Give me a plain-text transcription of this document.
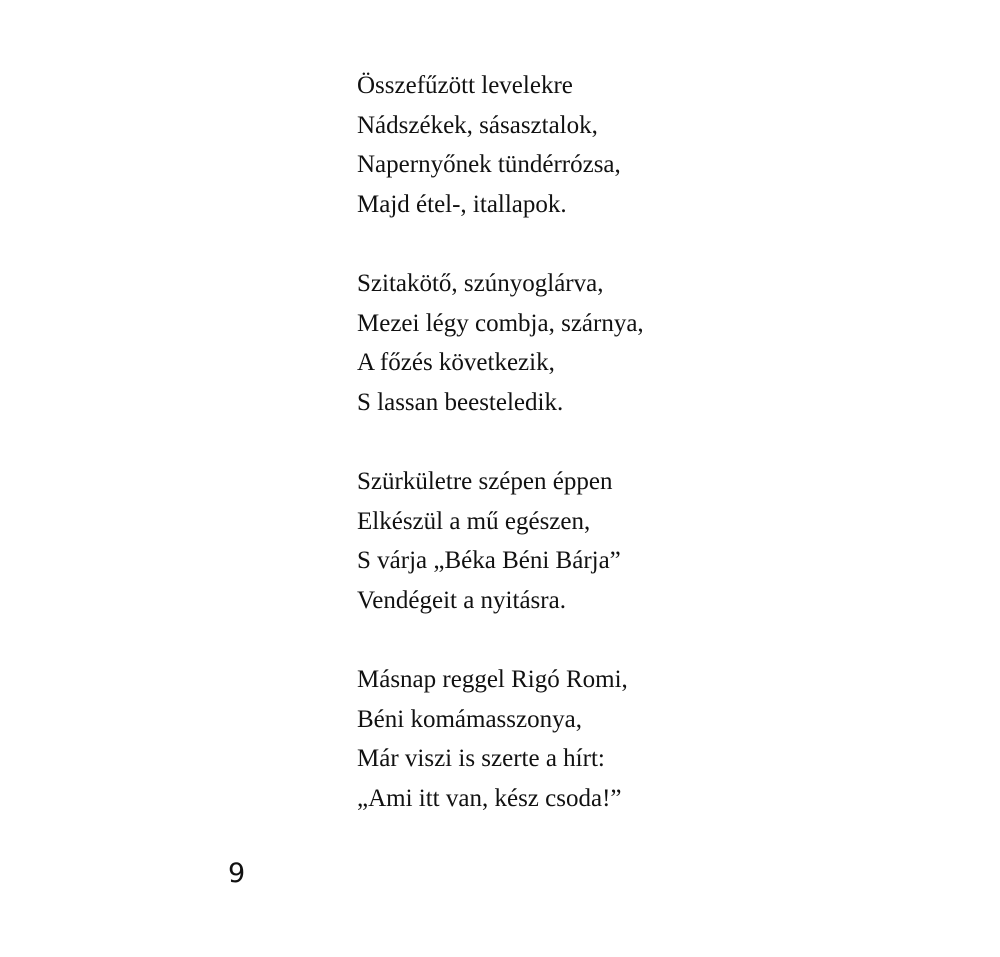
Összefűzött levelekre
Nádszékek, sásasztalok,
Napernyőnek tündérrózsa,
Majd étel-, itallapok.
Szitakötő, szúnyoglárva,
Mezei légy combja, szárnya,
A főzés következik,
S lassan beesteledik.
Szürkületre szépen éppen
Elkészül a mű egészen,
S várja „Béka Béni Bárja”
Vendégeit a nyitásra.
Másnap reggel Rigó Romi,
Béni komámasszonya,
Már viszi is szerte a hírt:
„Ami itt van, kész csoda!”
9
